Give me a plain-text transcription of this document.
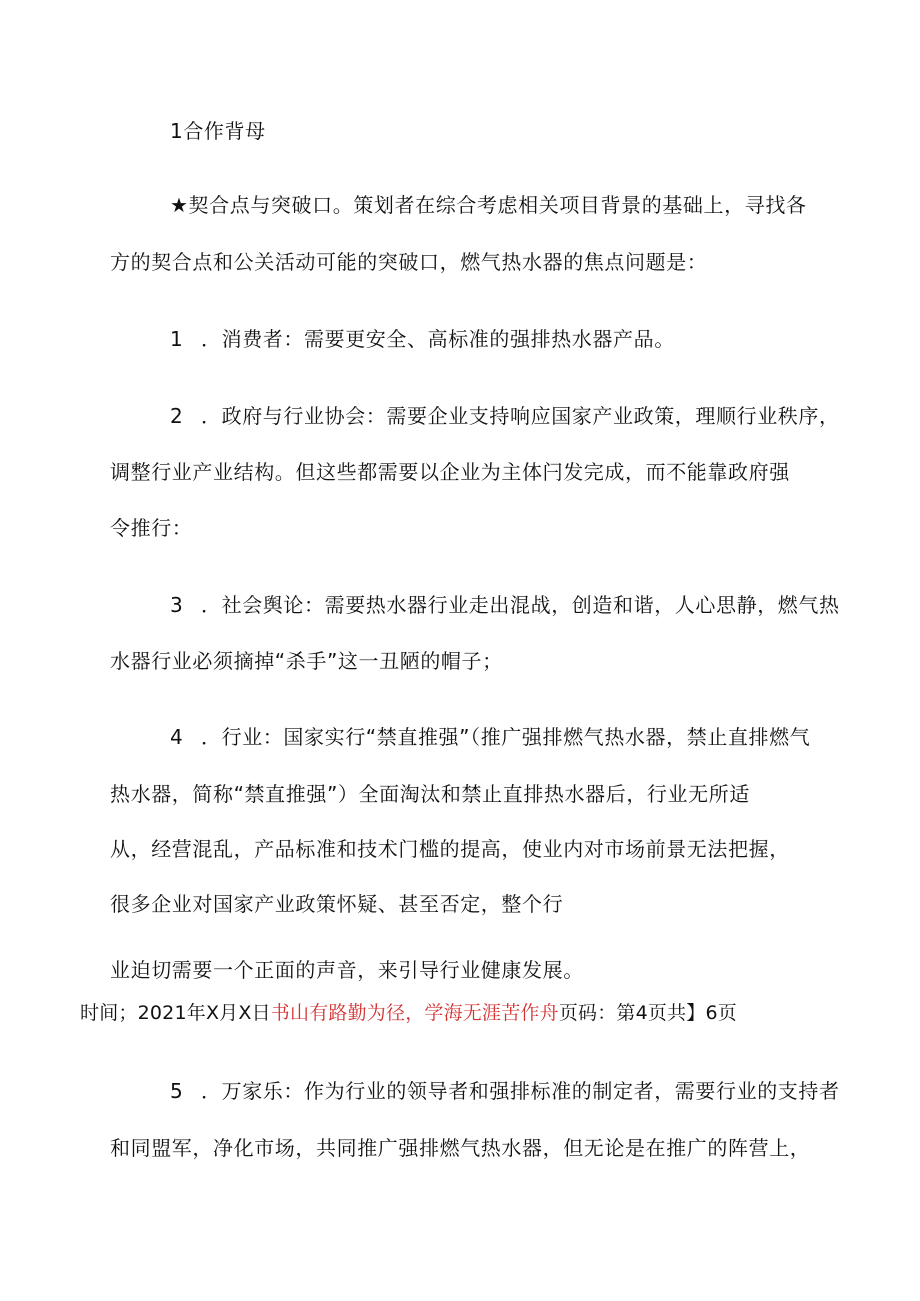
1合作背母
★契合点与突破口。策划者在综合考虑相关项目背景的基础上，寻找各
方的契合点和公关活动可能的突破口，燃气热水器的焦点问题是：
1 ．消费者：需要更安全、高标准的强排热水器产品。
2 ．政府与行业协会：需要企业支持响应国家产业政策，理顺行业秩序，
调整行业产业结构。但这些都需要以企业为主体闩发完成，而不能靠政府强
令推行：
3 ．社会舆论：需要热水器行业走出混战，创造和谐，人心思静，燃气热
水器行业必须摘掉“杀手”这一丑陋的帽子；
4 ．行业：国家实行“禁直推强”（推广强排燃气热水器，禁止直排燃气
热水器，简称“禁直推强”）全面淘汰和禁止直排热水器后，行业无所适
从，经营混乱，产品标准和技术门槛的提高，使业内对市场前景无法把握，
很多企业对国家产业政策怀疑、甚至否定，整个行
业迫切需要一个正面的声音，来引导行业健康发展。
时间；2021年X月X日书山有路勤为径，学海无涯苦作舟页码：第4页共】6页
5 ．万家乐：作为行业的领导者和强排标准的制定者，需要行业的支持者
和同盟军，净化市场，共同推广强排燃气热水器，但无论是在推广的阵营上，
